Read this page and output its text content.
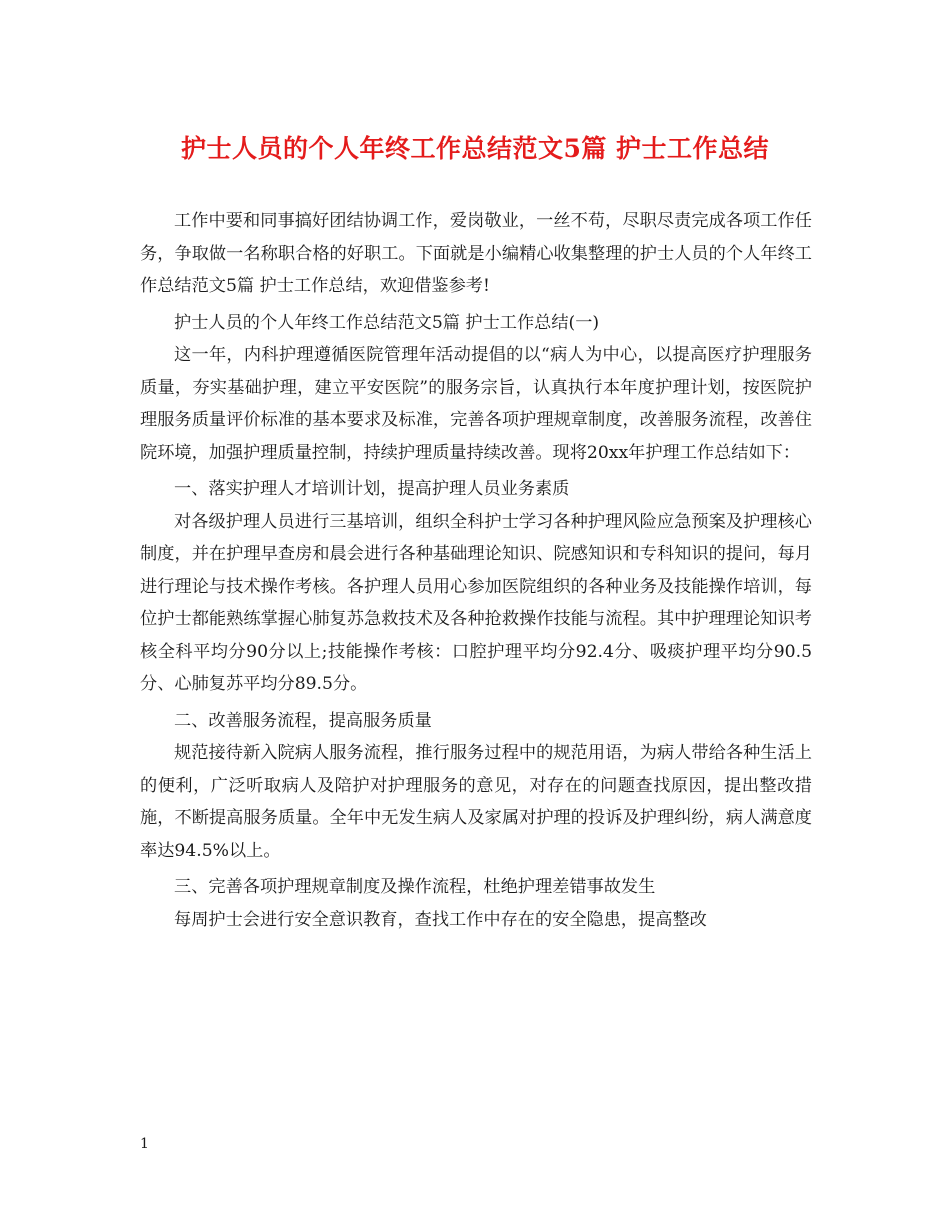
护士人员的个人年终工作总结范文5篇 护士工作总结

工作中要和同事搞好团结协调工作，爱岗敬业，一丝不苟，尽职尽责完成各项工作任务，争取做一名称职合格的好职工。下面就是小编精心收集整理的护士人员的个人年终工作总结范文5篇 护士工作总结，欢迎借鉴参考!

护士人员的个人年终工作总结范文5篇 护士工作总结(一)

这一年，内科护理遵循医院管理年活动提倡的以“病人为中心，以提高医疗护理服务质量，夯实基础护理，建立平安医院”的服务宗旨，认真执行本年度护理计划，按医院护理服务质量评价标准的基本要求及标准，完善各项护理规章制度，改善服务流程，改善住院环境，加强护理质量控制，持续护理质量持续改善。现将20xx年护理工作总结如下：

一、落实护理人才培训计划，提高护理人员业务素质

对各级护理人员进行三基培训，组织全科护士学习各种护理风险应急预案及护理核心制度，并在护理早查房和晨会进行各种基础理论知识、院感知识和专科知识的提问，每月进行理论与技术操作考核。各护理人员用心参加医院组织的各种业务及技能操作培训，每位护士都能熟练掌握心肺复苏急救技术及各种抢救操作技能与流程。其中护理理论知识考核全科平均分90分以上;技能操作考核：口腔护理平均分92.4分、吸痰护理平均分90.5分、心肺复苏平均分89.5分。

二、改善服务流程，提高服务质量

规范接待新入院病人服务流程，推行服务过程中的规范用语，为病人带给各种生活上的便利，广泛听取病人及陪护对护理服务的意见，对存在的问题查找原因，提出整改措施，不断提高服务质量。全年中无发生病人及家属对护理的投诉及护理纠纷，病人满意度率达94.5%以上。

三、完善各项护理规章制度及操作流程，杜绝护理差错事故发生

每周护士会进行安全意识教育，查找工作中存在的安全隐患，提高整改

1
